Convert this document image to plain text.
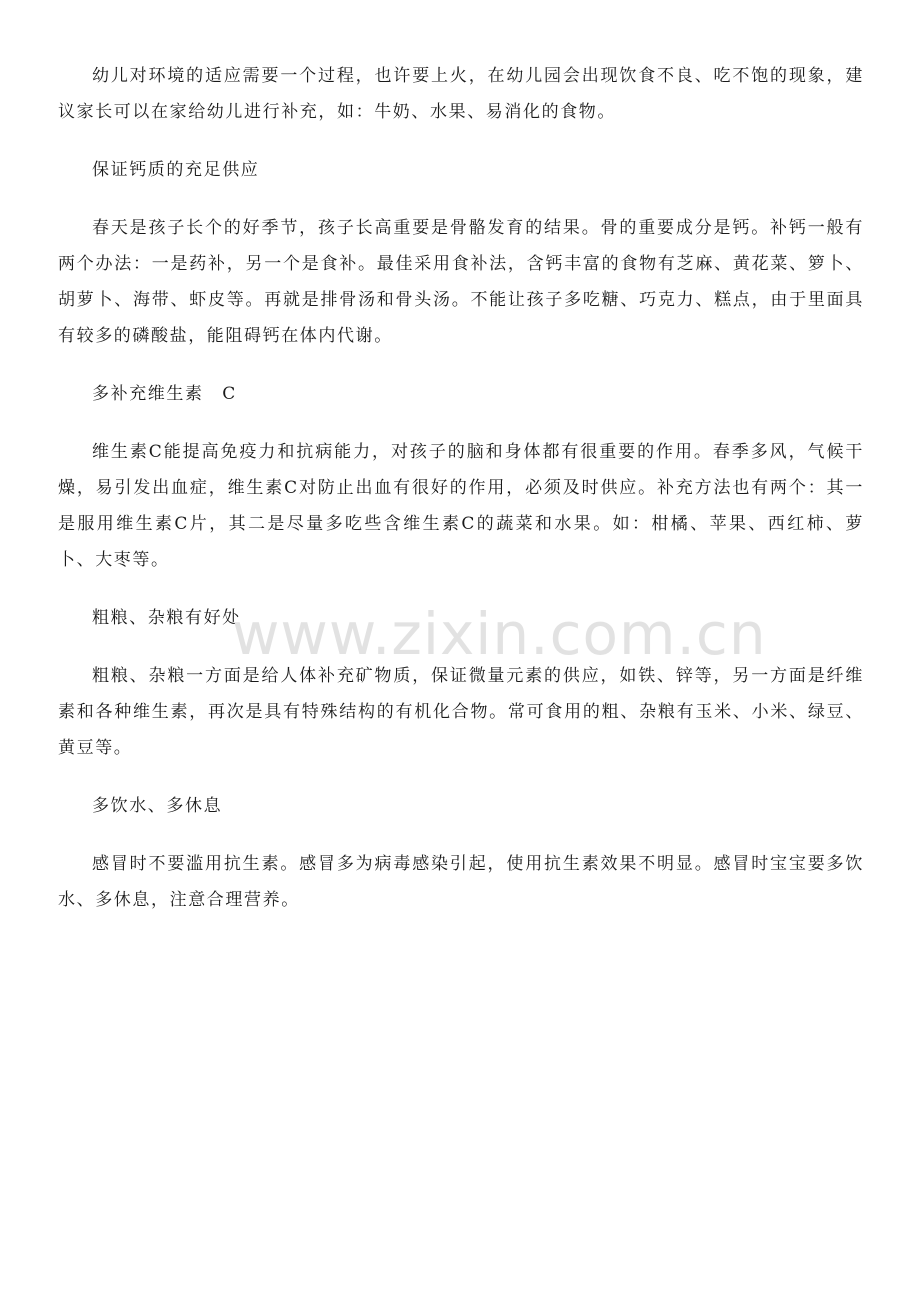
幼儿对环境的适应需要一个过程，也许要上火，在幼儿园会出现饮食不良、吃不饱的现象，建议家长可以在家给幼儿进行补充，如：牛奶、水果、易消化的食物。

保证钙质的充足供应

春天是孩子长个的好季节，孩子长高重要是骨骼发育的结果。骨的重要成分是钙。补钙一般有两个办法：一是药补，另一个是食补。最佳采用食补法，含钙丰富的食物有芝麻、黄花菜、箩卜、胡萝卜、海带、虾皮等。再就是排骨汤和骨头汤。不能让孩子多吃糖、巧克力、糕点，由于里面具有较多的磷酸盐，能阻碍钙在体内代谢。

多补充维生素　C

维生素C能提高免疫力和抗病能力，对孩子的脑和身体都有很重要的作用。春季多风，气候干燥，易引发出血症，维生素C对防止出血有很好的作用，必须及时供应。补充方法也有两个：其一是服用维生素C片，其二是尽量多吃些含维生素C的蔬菜和水果。如：柑橘、苹果、西红柿、萝卜、大枣等。

粗粮、杂粮有好处

粗粮、杂粮一方面是给人体补充矿物质，保证微量元素的供应，如铁、锌等，另一方面是纤维素和各种维生素，再次是具有特殊结构的有机化合物。常可食用的粗、杂粮有玉米、小米、绿豆、黄豆等。

多饮水、多休息

感冒时不要滥用抗生素。感冒多为病毒感染引起，使用抗生素效果不明显。感冒时宝宝要多饮水、多休息，注意合理营养。

www.zixin.com.cn
